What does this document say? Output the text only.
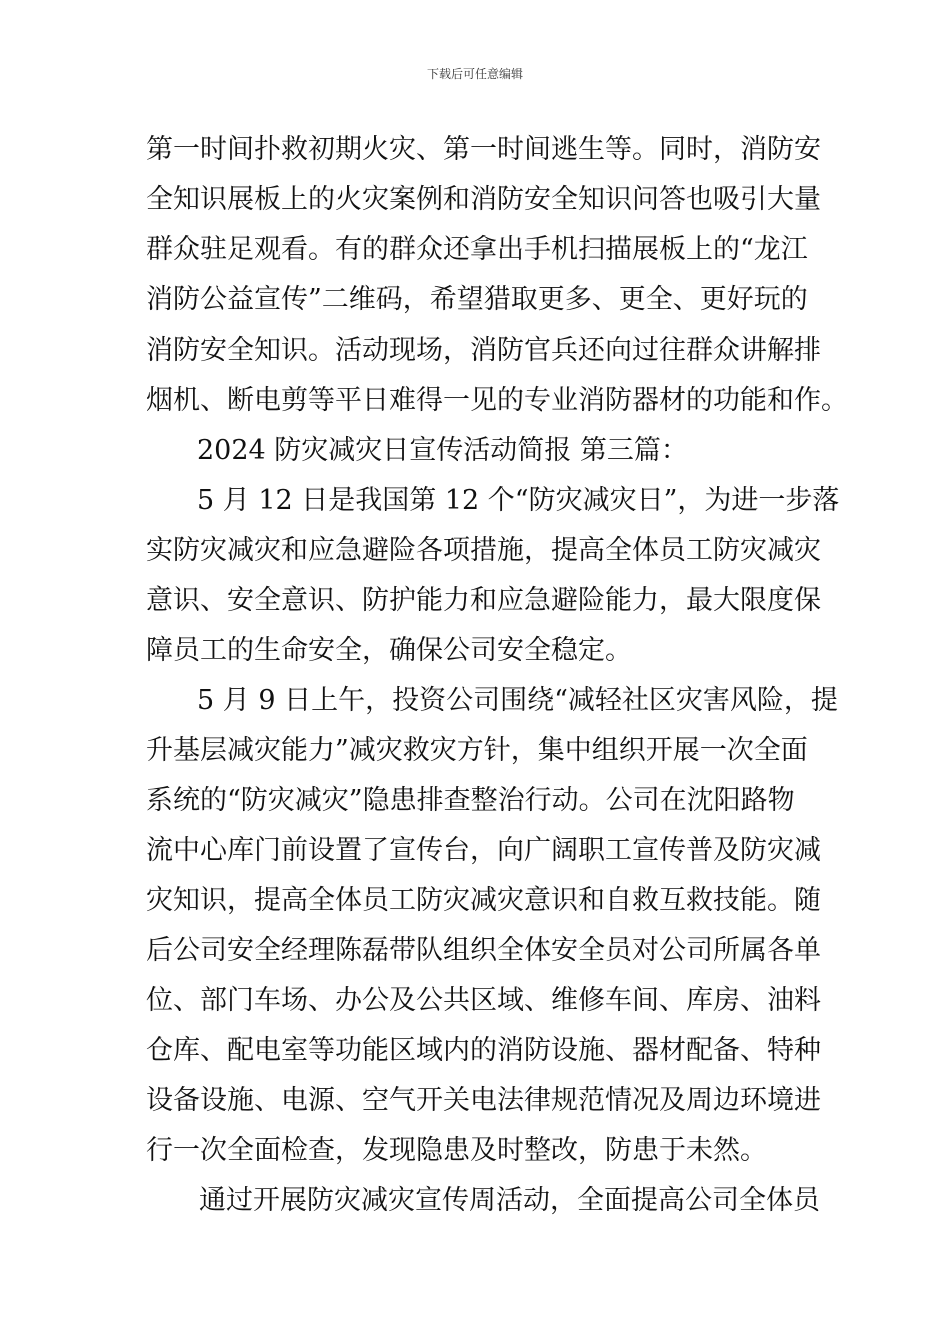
下载后可任意编辑
第一时间扑救初期火灾、第一时间逃生等。同时，消防安
全知识展板上的火灾案例和消防安全知识问答也吸引大量
群众驻足观看。有的群众还拿出手机扫描展板上的“龙江
消防公益宣传”二维码，希望猎取更多、更全、更好玩的
消防安全知识。活动现场，消防官兵还向过往群众讲解排
烟机、断电剪等平日难得一见的专业消防器材的功能和作。
2024 防灾减灾日宣传活动简报 第三篇：
5 月 12 日是我国第 12 个“防灾减灾日”，为进一步落
实防灾减灾和应急避险各项措施，提高全体员工防灾减灾
意识、安全意识、防护能力和应急避险能力，最大限度保
障员工的生命安全，确保公司安全稳定。
5 月 9 日上午，投资公司围绕“减轻社区灾害风险，提
升基层减灾能力”减灾救灾方针，集中组织开展一次全面
系统的“防灾减灾”隐患排查整治行动。公司在沈阳路物
流中心库门前设置了宣传台，向广阔职工宣传普及防灾减
灾知识，提高全体员工防灾减灾意识和自救互救技能。随
后公司安全经理陈磊带队组织全体安全员对公司所属各单
位、部门车场、办公及公共区域、维修车间、库房、油料
仓库、配电室等功能区域内的消防设施、器材配备、特种
设备设施、电源、空气开关电法律规范情况及周边环境进
行一次全面检查，发现隐患及时整改，防患于未然。
通过开展防灾减灾宣传周活动，全面提高公司全体员
